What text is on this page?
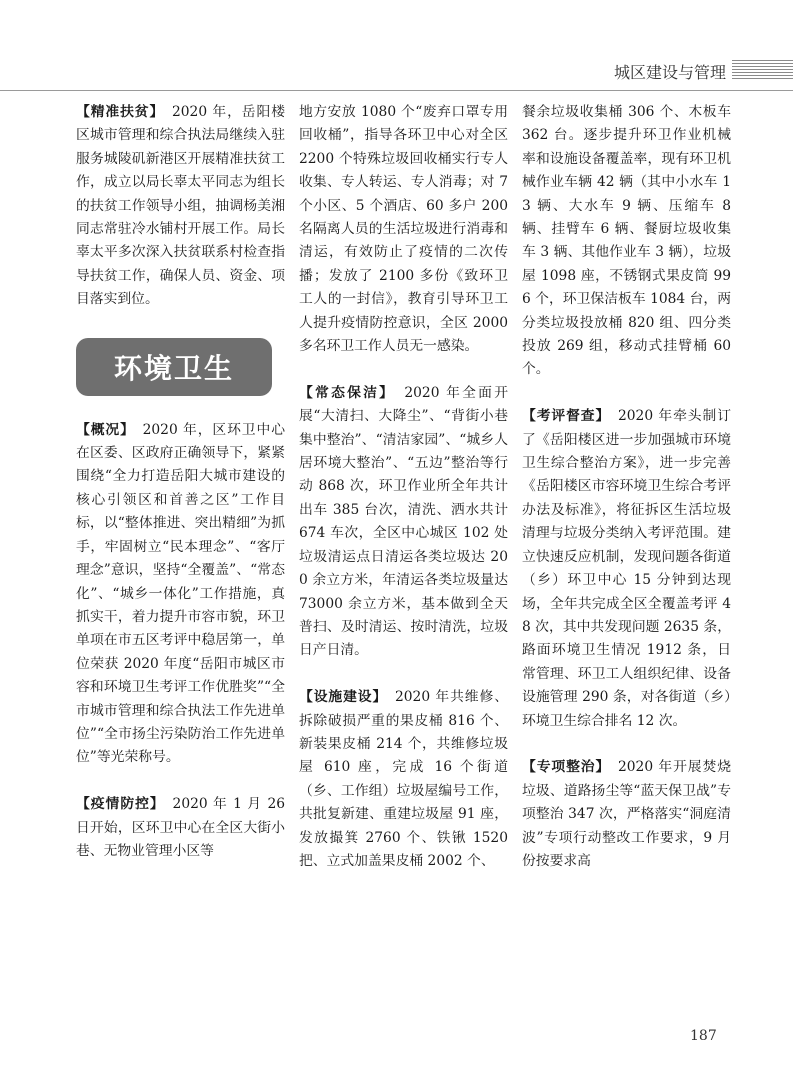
城区建设与管理

【精准扶贫】　 2020 年，岳阳楼区城市管理和综合执法局继续入驻服务城陵矶新港区开展精准扶贫工作，成立以局长辜太平同志为组长的扶贫工作领导小组，抽调杨美湘同志常驻冷水铺村开展工作。局长辜太平多次深入扶贫联系村检查指导扶贫工作，确保人员、资金、项目落实到位。

环境卫生

【概况】　 2020 年，区环卫中心在区委、区政府正确领导下，紧紧围绕“全力打造岳阳大城市建设的核心引领区和首善之区”工作目标，以“整体推进、突出精细”为抓手，牢固树立“民本理念”、“客厅理念”意识，坚持“全覆盖”、“常态化”、“城乡一体化”工作措施，真抓实干，着力提升市容市貌，环卫单项在市五区考评中稳居第一，单位荣获 2020 年度“岳阳市城区市容和环境卫生考评工作优胜奖”“全市城市管理和综合执法工作先进单位”“全市扬尘污染防治工作先进单位”等光荣称号。

【疫情防控】　 2020 年 1 月 26 日开始，区环卫中心在全区大街小巷、无物业管理小区等

地方安放 1080 个“废弃口罩专用回收桶”，指导各环卫中心对全区 2200 个特殊垃圾回收桶实行专人收集、专人转运、专人消毒；对 7 个小区、5 个酒店、60 多户 200 名隔离人员的生活垃圾进行消毒和清运，有效防止了疫情的二次传播；发放了 2100 多份《致环卫工人的一封信》，教育引导环卫工人提升疫情防控意识，全区 2000 多名环卫工作人员无一感染。

【常态保洁】　 2020 年全面开展“大清扫、大降尘”、“背街小巷集中整治”、“清洁家园”、“城乡人居环境大整治”、“五边”整治等行动 868 次，环卫作业所全年共计出车 385 台次，清洗、洒水共计 674 车次，全区中心城区 102 处垃圾清运点日清运各类垃圾达 200 余立方米，年清运各类垃圾量达 73000 余立方米，基本做到全天普扫、及时清运、按时清洗，垃圾日产日清。

【设施建设】　 2020 年共维修、拆除破损严重的果皮桶 816 个、新装果皮桶 214 个，共维修垃圾屋 610 座，完成 16 个街道（乡、工作组）垃圾屋编号工作，共批复新建、重建垃圾屋 91 座，发放撮箕 2760 个、铁锹 1520 把、立式加盖果皮桶 2002 个、

餐余垃圾收集桶 306 个、木板车 362 台。逐步提升环卫作业机械率和设施设备覆盖率，现有环卫机械作业车辆 42 辆（其中小水车 13 辆、大水车 9 辆、压缩车 8 辆、挂臂车 6 辆、餐厨垃圾收集车 3 辆、其他作业车 3 辆），垃圾屋 1098 座，不锈钢式果皮筒 996 个，环卫保洁板车 1084 台，两分类垃圾投放桶 820 组、四分类投放 269 组，移动式挂臂桶 60 个。

【考评督查】　 2020 年牵头制订了《岳阳楼区进一步加强城市环境卫生综合整治方案》，进一步完善《岳阳楼区市容环境卫生综合考评办法及标准》，将征拆区生活垃圾清理与垃圾分类纳入考评范围。建立快速反应机制，发现问题各街道（乡）环卫中心 15 分钟到达现场，全年共完成全区全覆盖考评 48 次，其中共发现问题 2635 条，路面环境卫生情况 1912 条，日常管理、环卫工人组织纪律、设备设施管理 290 条，对各街道（乡）环境卫生综合排名 12 次。

【专项整治】　 2020 年开展焚烧垃圾、道路扬尘等“蓝天保卫战”专项整治 347 次，严格落实“洞庭清波”专项行动整改工作要求，9 月份按要求高

187
